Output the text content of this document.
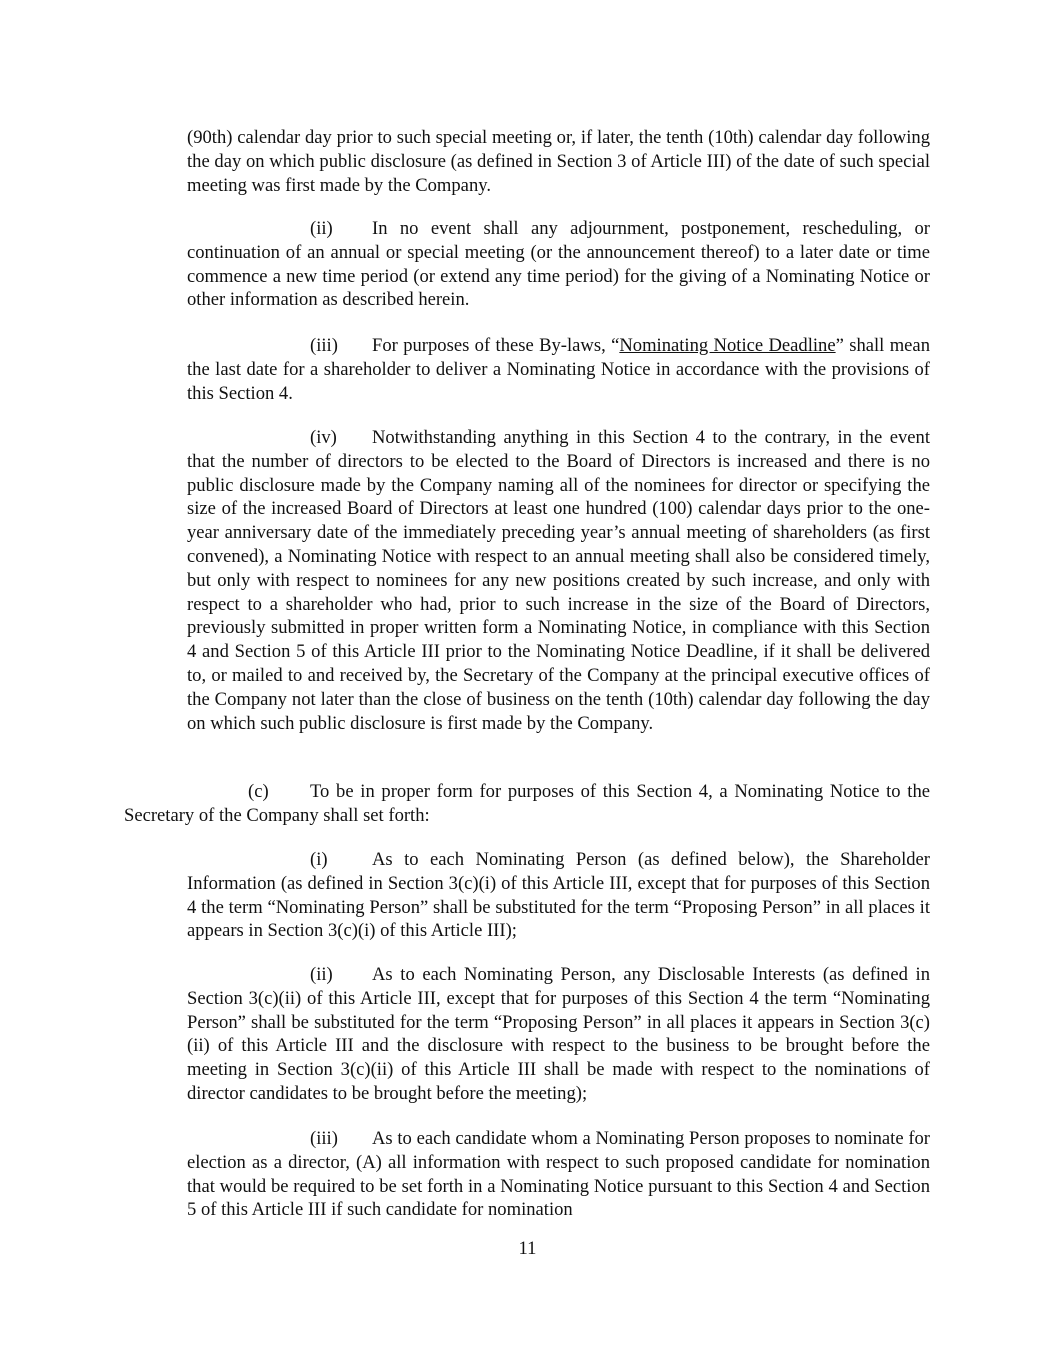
(90th) calendar day prior to such special meeting or, if later, the tenth (10th) calendar day following the day on which public disclosure (as defined in Section 3 of Article III) of the date of such special meeting was first made by the Company.

(ii) In no event shall any adjournment, postponement, rescheduling, or continuation of an annual or special meeting (or the announcement thereof) to a later date or time commence a new time period (or extend any time period) for the giving of a Nominating Notice or other information as described herein.

(iii) For purposes of these By-laws, “Nominating Notice Deadline” shall mean the last date for a shareholder to deliver a Nominating Notice in accordance with the provisions of this Section 4.

(iv) Notwithstanding anything in this Section 4 to the contrary, in the event that the number of directors to be elected to the Board of Directors is increased and there is no public disclosure made by the Company naming all of the nominees for director or specifying the size of the increased Board of Directors at least one hundred (100) calendar days prior to the one-year anniversary date of the immediately preceding year’s annual meeting of shareholders (as first convened), a Nominating Notice with respect to an annual meeting shall also be considered timely, but only with respect to nominees for any new positions created by such increase, and only with respect to a shareholder who had, prior to such increase in the size of the Board of Directors, previously submitted in proper written form a Nominating Notice, in compliance with this Section 4 and Section 5 of this Article III prior to the Nominating Notice Deadline, if it shall be delivered to, or mailed to and received by, the Secretary of the Company at the principal executive offices of the Company not later than the close of business on the tenth (10th) calendar day following the day on which such public disclosure is first made by the Company.

(c) To be in proper form for purposes of this Section 4, a Nominating Notice to the Secretary of the Company shall set forth:

(i) As to each Nominating Person (as defined below), the Shareholder Information (as defined in Section 3(c)(i) of this Article III, except that for purposes of this Section 4 the term “Nominating Person” shall be substituted for the term “Proposing Person” in all places it appears in Section 3(c)(i) of this Article III);

(ii) As to each Nominating Person, any Disclosable Interests (as defined in Section 3(c)(ii) of this Article III, except that for purposes of this Section 4 the term “Nominating Person” shall be substituted for the term “Proposing Person” in all places it appears in Section 3(c)(ii) of this Article III and the disclosure with respect to the business to be brought before the meeting in Section 3(c)(ii) of this Article III shall be made with respect to the nominations of director candidates to be brought before the meeting);

(iii) As to each candidate whom a Nominating Person proposes to nominate for election as a director, (A) all information with respect to such proposed candidate for nomination that would be required to be set forth in a Nominating Notice pursuant to this Section 4 and Section 5 of this Article III if such candidate for nomination

11
